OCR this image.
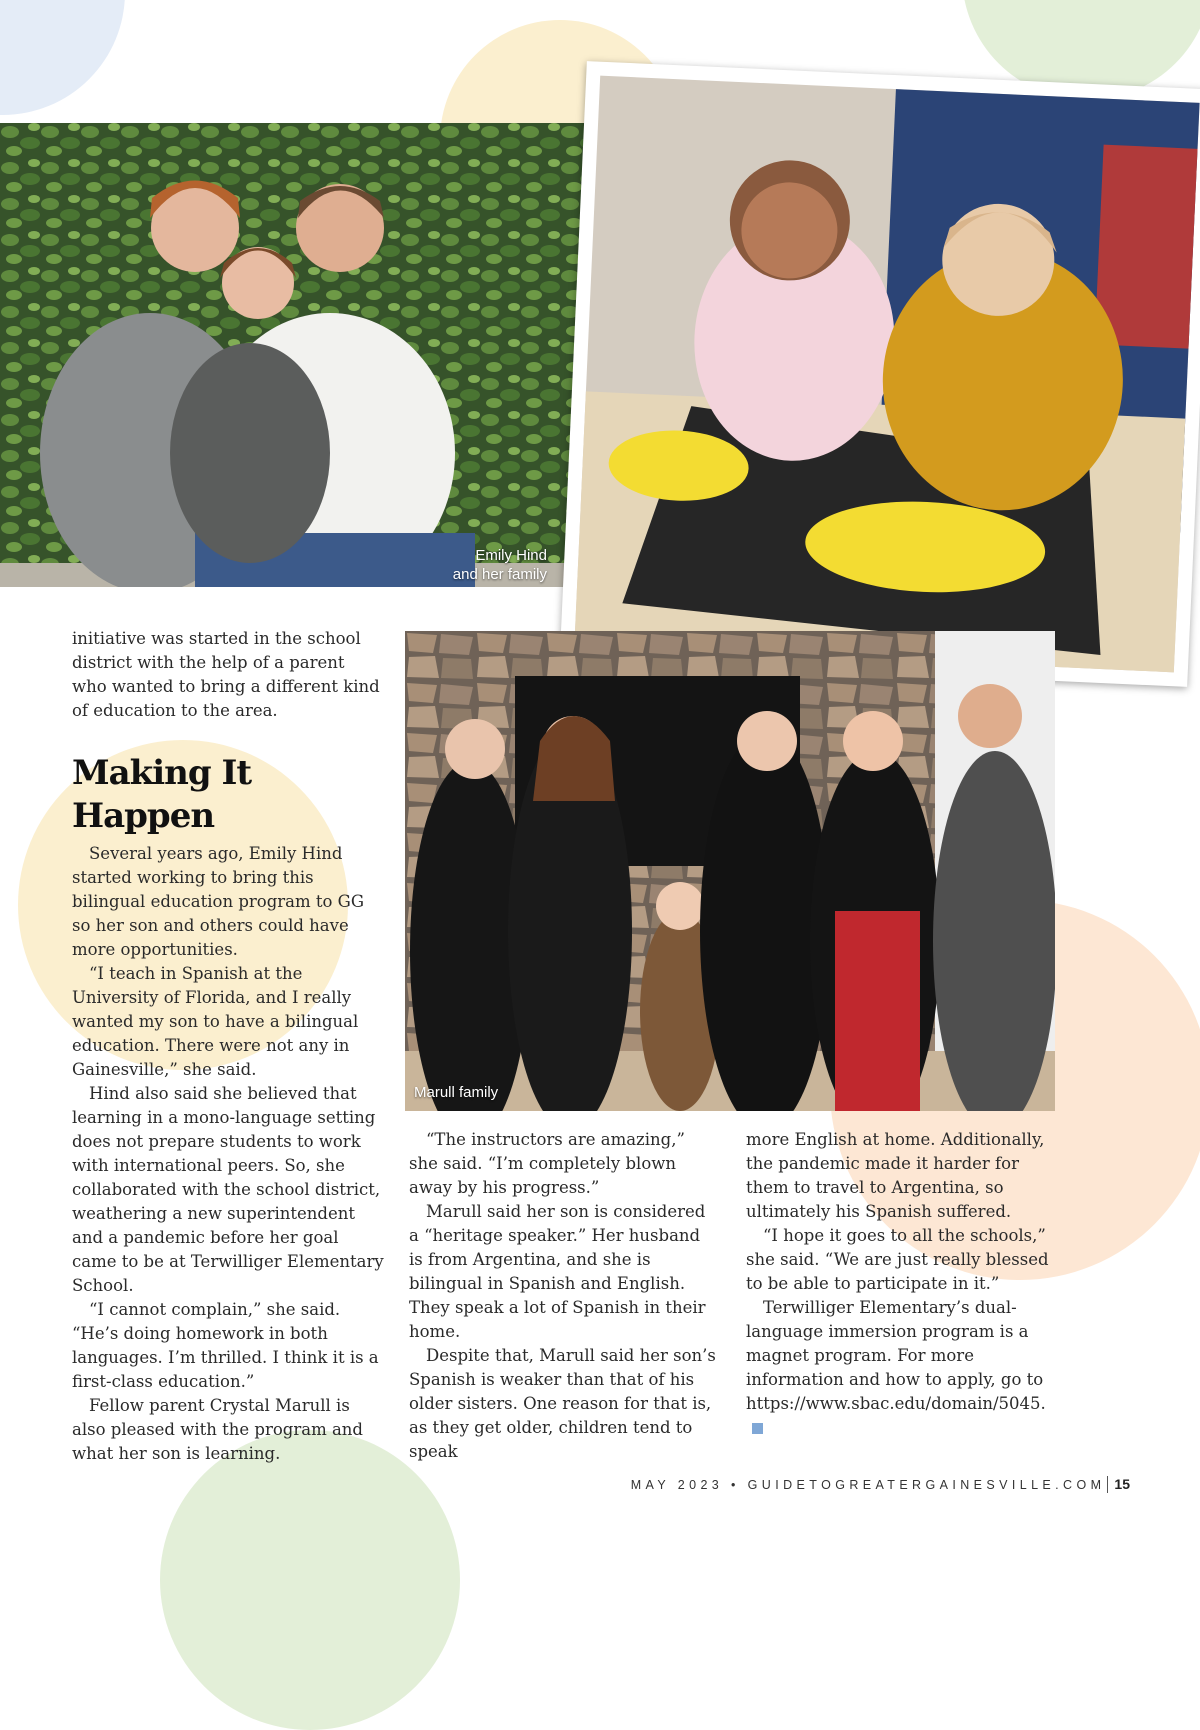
Emily Hind
and her family
Marull family

initiative was started in the school district with the help of a parent who wanted to bring a different kind of education to the area.

Making It
Happen

Several years ago, Emily Hind started working to bring this bilingual education program to GG so her son and others could have more opportunities.

“I teach in Spanish at the University of Florida, and I really wanted my son to have a bilingual education. There were not any in Gainesville,” she said.

Hind also said she believed that learning in a mono-language setting does not prepare students to work with international peers. So, she collaborated with the school district, weathering a new superintendent and a pandemic before her goal came to be at Terwilliger Elementary School.

“I cannot complain,” she said. “He’s doing homework in both languages. I’m thrilled. I think it is a first-class education.”

Fellow parent Crystal Marull is also pleased with the program and what her son is learning.

“The instructors are amazing,” she said. “I’m completely blown away by his progress.”

Marull said her son is considered a “heritage speaker.” Her husband is from Argentina, and she is bilingual in Spanish and English. They speak a lot of Spanish in their home.

Despite that, Marull said her son’s Spanish is weaker than that of his older sisters. One reason for that is, as they get older, children tend to speak

more English at home. Additionally, the pandemic made it harder for them to travel to Argentina, so ultimately his Spanish suffered.

“I hope it goes to all the schools,” she said. “We are just really blessed to be able to participate in it.”

Terwilliger Elementary’s dual-language immersion program is a magnet program. For more information and how to apply, go to https://www.sbac.edu/domain/5045.

MAY 2023 • GUIDETOGREATERGAINESVILLE.COM 15
